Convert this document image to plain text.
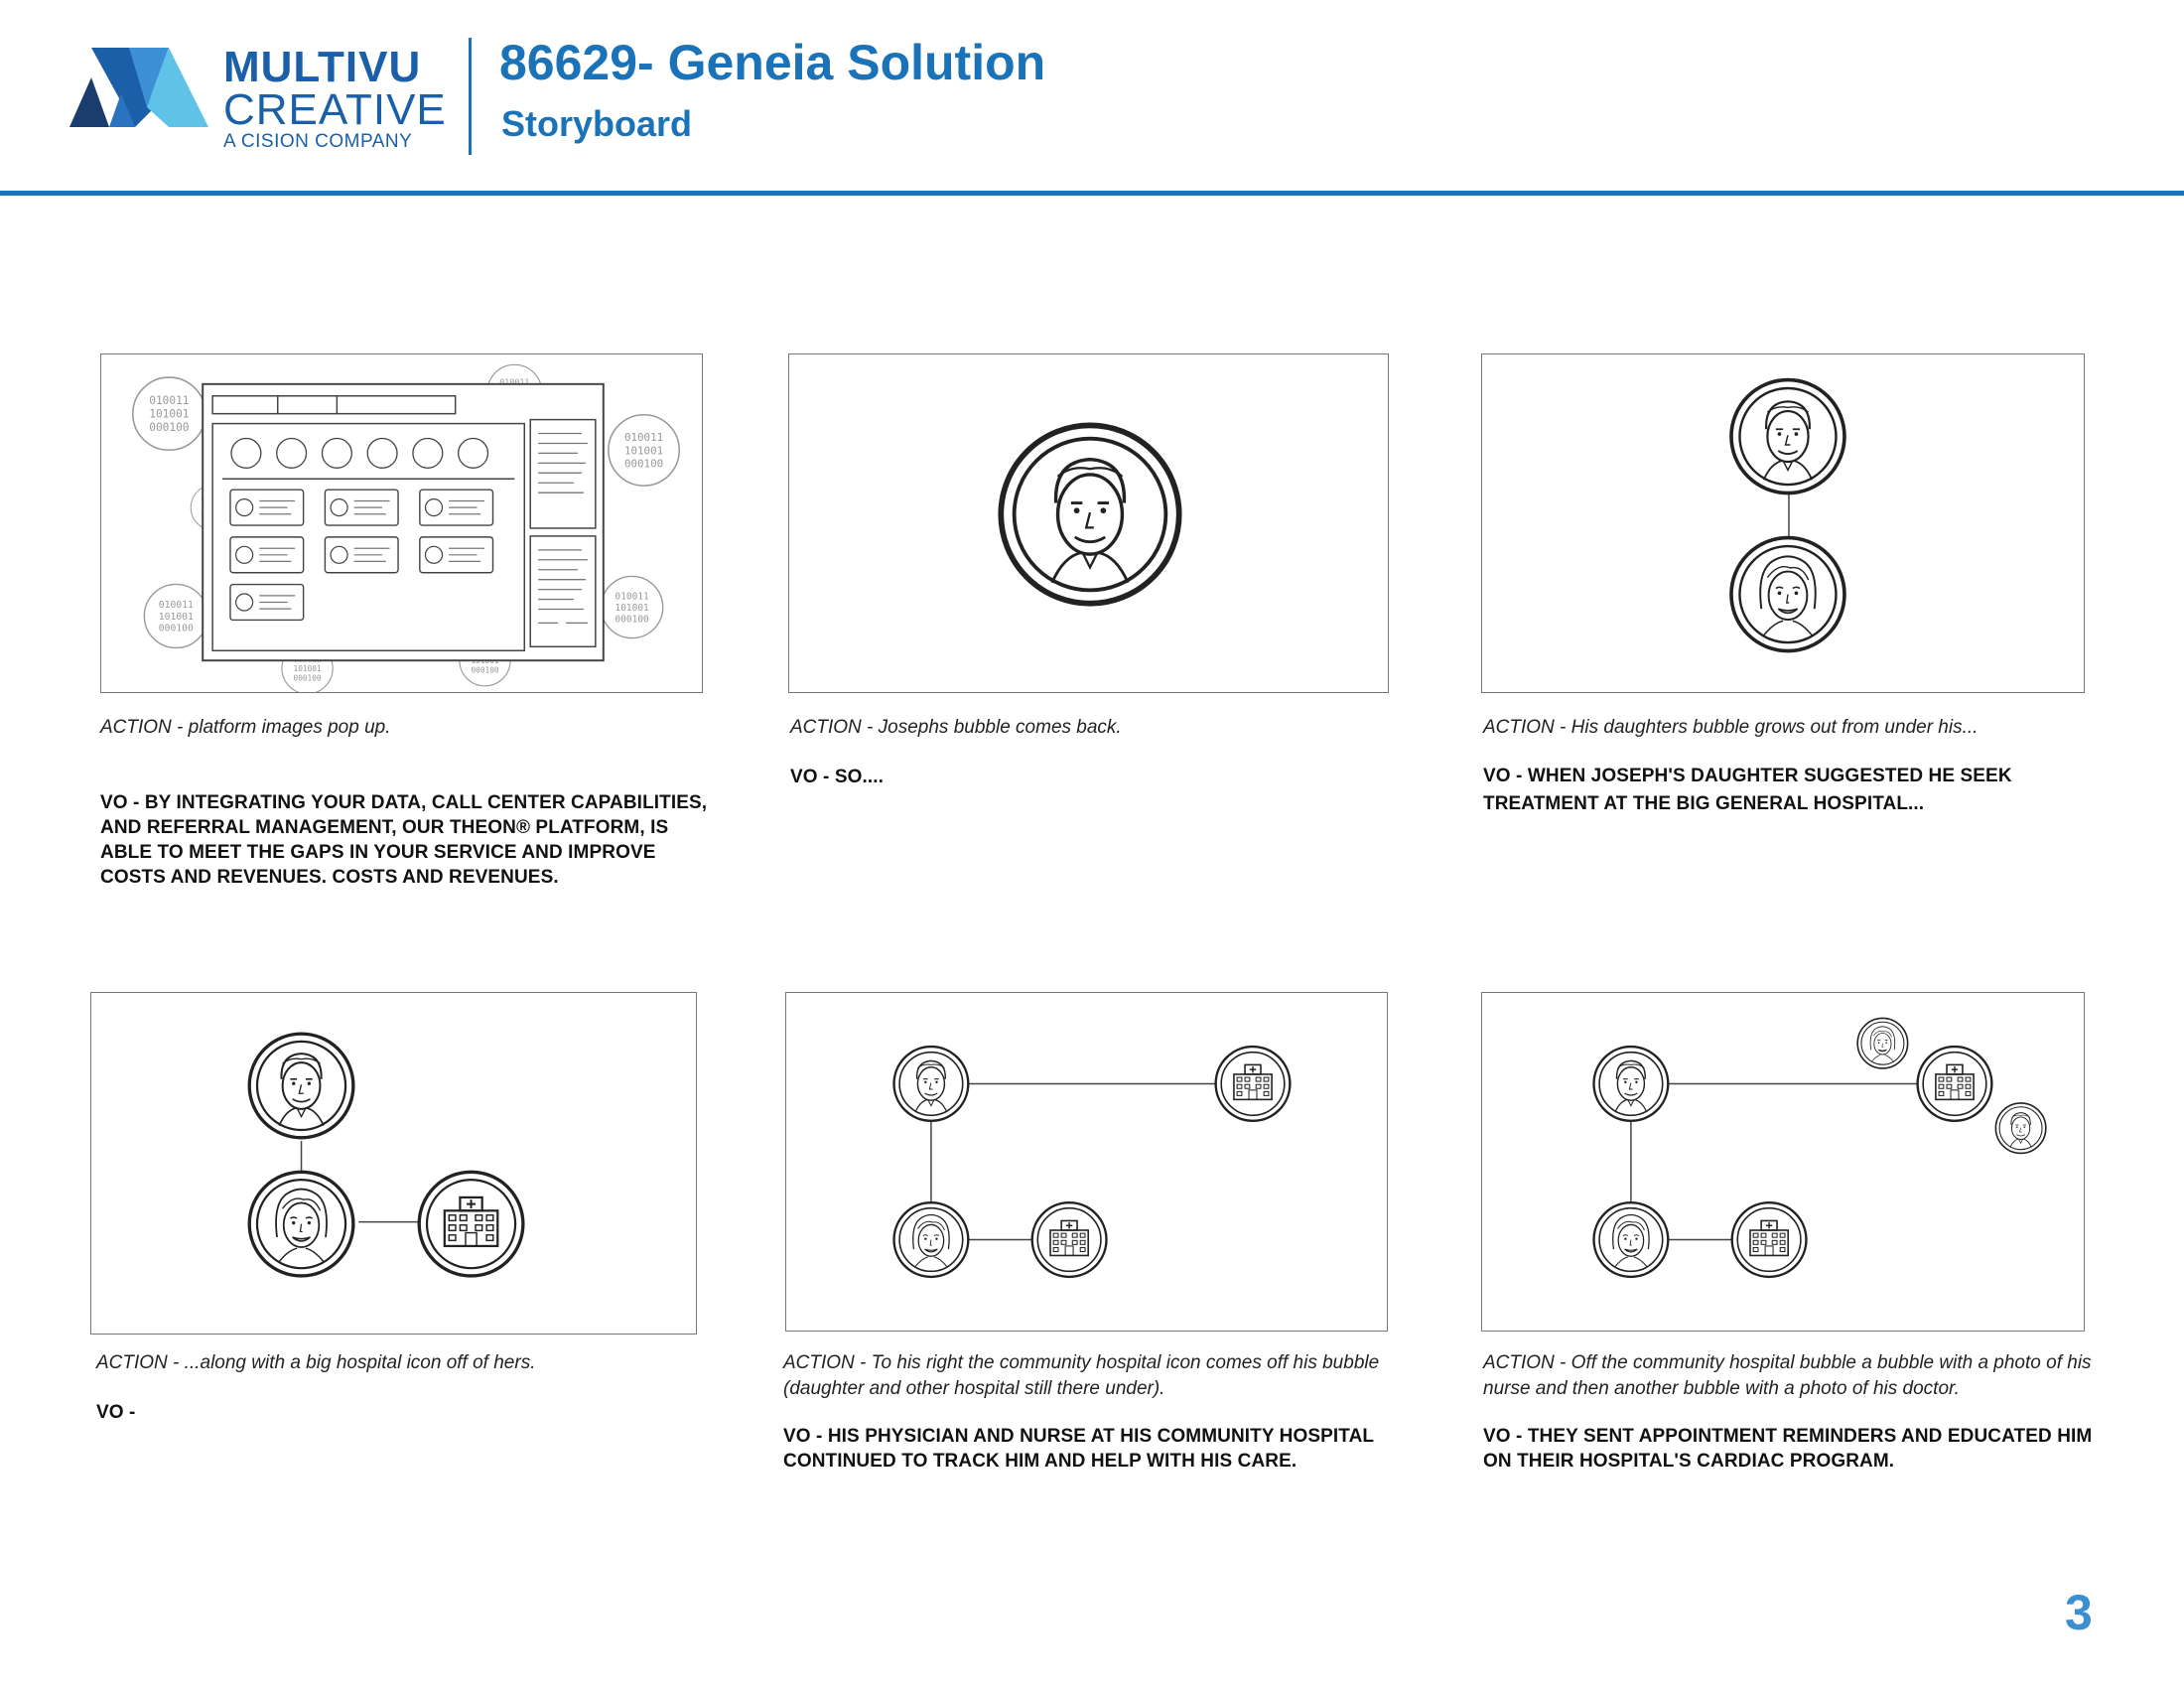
MULTIVU
CREATIVE
A CISION COMPANY
86629- Geneia Solution
Storyboard
ACTION - platform images pop up.
VO - BY INTEGRATING YOUR DATA, CALL CENTER CAPABILITIES, AND REFERRAL MANAGEMENT, OUR THEON® PLATFORM, IS ABLE TO MEET THE GAPS IN YOUR SERVICE AND IMPROVE COSTS AND REVENUES. COSTS AND REVENUES.
ACTION - Josephs bubble comes back.
VO - SO....
ACTION - His daughters bubble grows out from under his...
VO - WHEN JOSEPH'S DAUGHTER SUGGESTED HE SEEK TREATMENT AT THE BIG GENERAL HOSPITAL...
ACTION - ...along with a big hospital icon off of hers.
VO -
ACTION - To his right the community hospital icon comes off his bubble (daughter and other hospital still there under).
VO - HIS PHYSICIAN AND NURSE AT HIS COMMUNITY HOSPITAL CONTINUED TO TRACK HIM AND HELP WITH HIS CARE.
ACTION - Off the community hospital bubble a bubble with a photo of his nurse and then another bubble with a photo of his doctor.
VO - THEY SENT APPOINTMENT REMINDERS AND EDUCATED HIM ON THEIR HOSPITAL'S CARDIAC PROGRAM.
3
